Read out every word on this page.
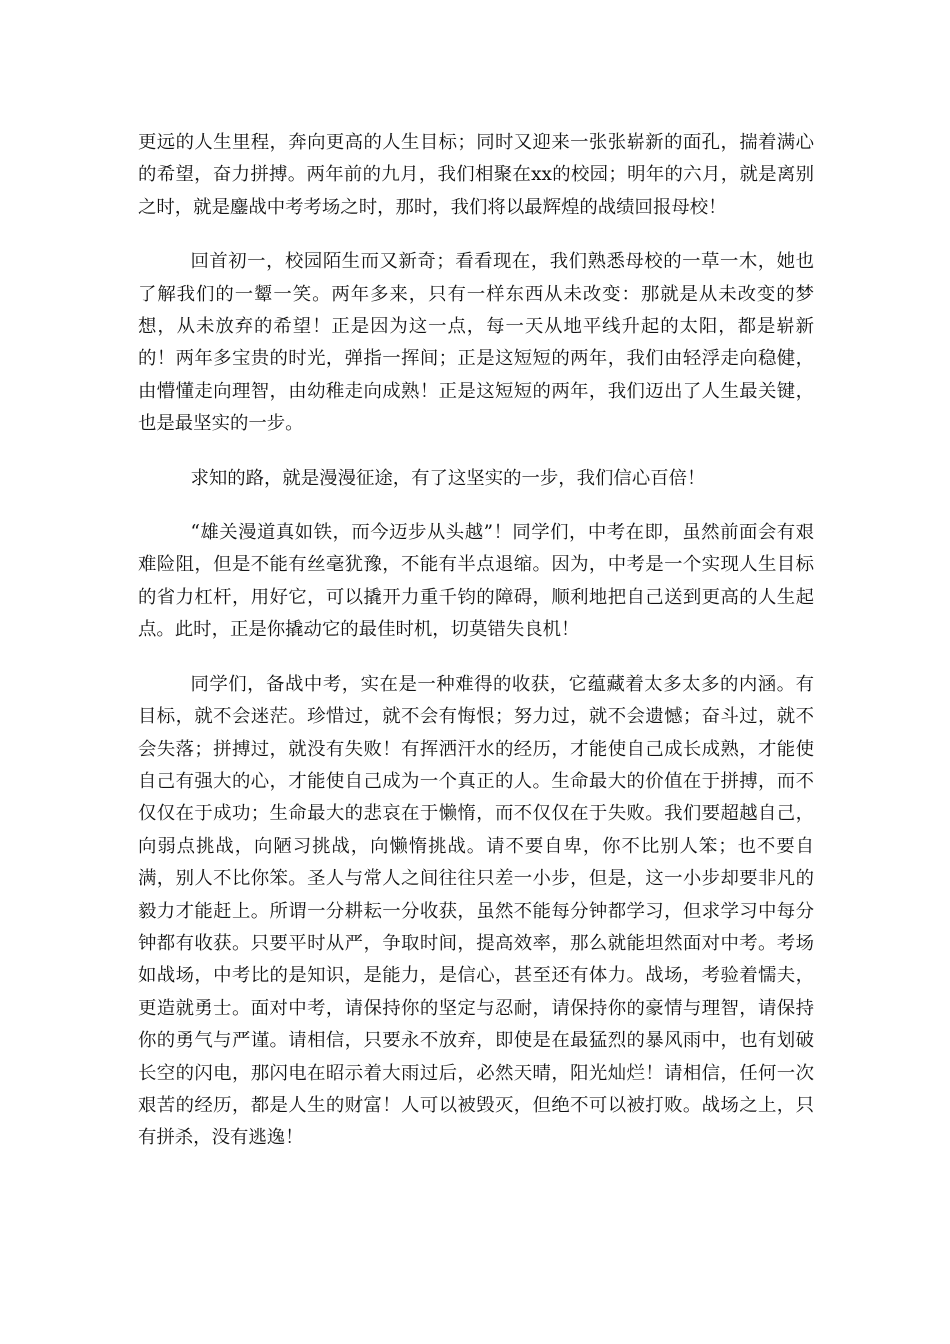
更远的人生里程，奔向更高的人生目标；同时又迎来一张张崭新的面孔，揣着满心的希望，奋力拼搏。两年前的九月，我们相聚在xx的校园；明年的六月，就是离别之时，就是鏖战中考考场之时，那时，我们将以最辉煌的战绩回报母校！

回首初一，校园陌生而又新奇；看看现在，我们熟悉母校的一草一木，她也了解我们的一颦一笑。两年多来，只有一样东西从未改变：那就是从未改变的梦想，从未放弃的希望！正是因为这一点，每一天从地平线升起的太阳，都是崭新的！两年多宝贵的时光，弹指一挥间；正是这短短的两年，我们由轻浮走向稳健，由懵懂走向理智，由幼稚走向成熟！正是这短短的两年，我们迈出了人生最关键，也是最坚实的一步。

求知的路，就是漫漫征途，有了这坚实的一步，我们信心百倍！

“雄关漫道真如铁，而今迈步从头越”！同学们，中考在即，虽然前面会有艰难险阻，但是不能有丝毫犹豫，不能有半点退缩。因为，中考是一个实现人生目标的省力杠杆，用好它，可以撬开力重千钧的障碍，顺利地把自己送到更高的人生起点。此时，正是你撬动它的最佳时机，切莫错失良机！

同学们，备战中考，实在是一种难得的收获，它蕴藏着太多太多的内涵。有目标，就不会迷茫。珍惜过，就不会有悔恨；努力过，就不会遗憾；奋斗过，就不会失落；拼搏过，就没有失败！有挥洒汗水的经历，才能使自己成长成熟，才能使自己有强大的心，才能使自己成为一个真正的人。生命最大的价值在于拼搏，而不仅仅在于成功；生命最大的悲哀在于懒惰，而不仅仅在于失败。我们要超越自己，向弱点挑战，向陋习挑战，向懒惰挑战。请不要自卑，你不比别人笨；也不要自满，别人不比你笨。圣人与常人之间往往只差一小步，但是，这一小步却要非凡的毅力才能赶上。所谓一分耕耘一分收获，虽然不能每分钟都学习，但求学习中每分钟都有收获。只要平时从严，争取时间，提高效率，那么就能坦然面对中考。考场如战场，中考比的是知识，是能力，是信心，甚至还有体力。战场，考验着懦夫，更造就勇士。面对中考，请保持你的坚定与忍耐，请保持你的豪情与理智，请保持你的勇气与严谨。请相信，只要永不放弃，即使是在最猛烈的暴风雨中，也有划破长空的闪电，那闪电在昭示着大雨过后，必然天晴，阳光灿烂！请相信，任何一次艰苦的经历，都是人生的财富！人可以被毁灭，但绝不可以被打败。战场之上，只有拼杀，没有逃逸！
